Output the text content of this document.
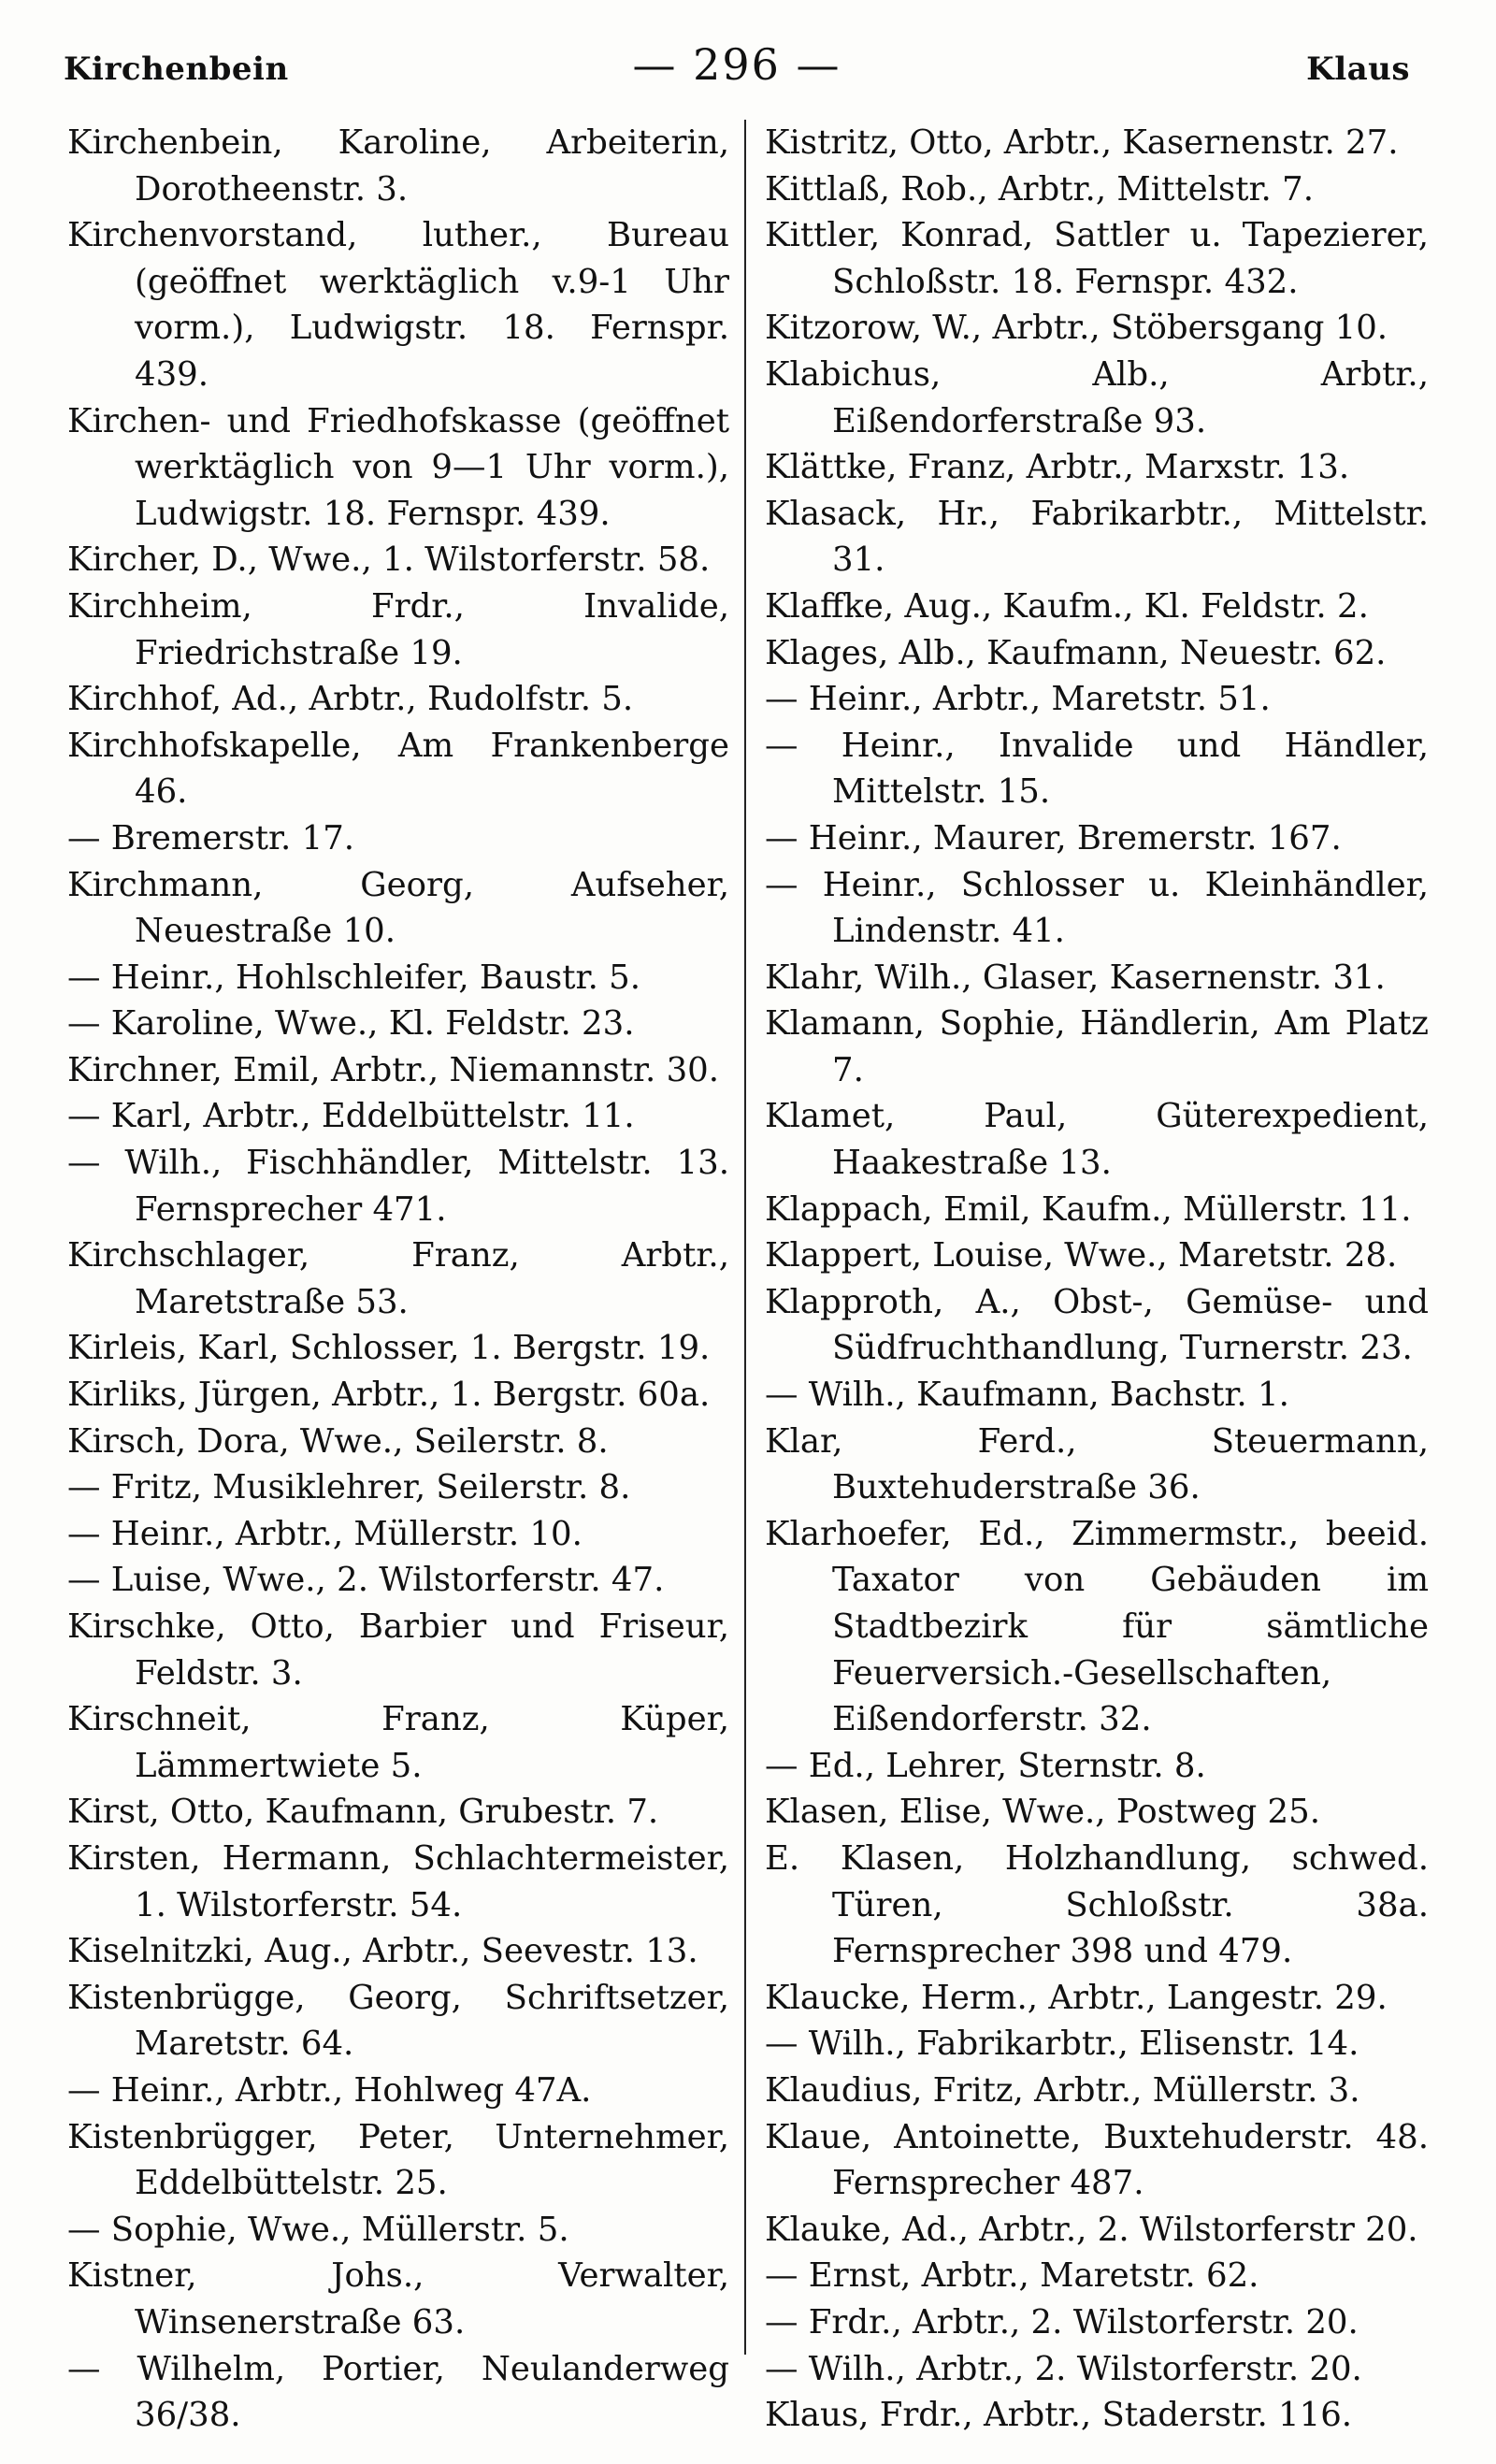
Kirchenbein	— 296 —	Klaus

Kirchenbein, Karoline, Arbeiterin, Dorotheenstr. 3.

Kirchenvorstand, luther., Bureau (geöffnet werktäglich v.9-1 Uhr vorm.), Ludwigstr. 18. Fernspr. 439.

Kirchen- und Friedhofskasse (geöffnet werktäglich von 9—1 Uhr vorm.), Ludwigstr. 18. Fernspr. 439.

Kircher, D., Wwe., 1. Wilstorferstr. 58.

Kirchheim, Frdr., Invalide, Friedrichstraße 19.

Kirchhof, Ad., Arbtr., Rudolfstr. 5.

Kirchhofskapelle, Am Frankenberge 46.

— Bremerstr. 17.

Kirchmann, Georg, Aufseher, Neuestraße 10.

— Heinr., Hohlschleifer, Baustr. 5.

— Karoline, Wwe., Kl. Feldstr. 23.

Kirchner, Emil, Arbtr., Niemannstr. 30.

— Karl, Arbtr., Eddelbüttelstr. 11.

— Wilh., Fischhändler, Mittelstr. 13. Fernsprecher 471.

Kirchschlager, Franz, Arbtr., Maretstraße 53.

Kirleis, Karl, Schlosser, 1. Bergstr. 19.

Kirliks, Jürgen, Arbtr., 1. Bergstr. 60a.

Kirsch, Dora, Wwe., Seilerstr. 8.

— Fritz, Musiklehrer, Seilerstr. 8.

— Heinr., Arbtr., Müllerstr. 10.

— Luise, Wwe., 2. Wilstorferstr. 47.

Kirschke, Otto, Barbier und Friseur, Feldstr. 3.

Kirschneit, Franz, Küper, Lämmertwiete 5.

Kirst, Otto, Kaufmann, Grubestr. 7.

Kirsten, Hermann, Schlachtermeister, 1. Wilstorferstr. 54.

Kiselnitzki, Aug., Arbtr., Seevestr. 13.

Kistenbrügge, Georg, Schriftsetzer, Maretstr. 64.

— Heinr., Arbtr., Hohlweg 47A.

Kistenbrügger, Peter, Unternehmer, Eddelbüttelstr. 25.

— Sophie, Wwe., Müllerstr. 5.

Kistner, Johs., Verwalter, Winsenerstraße 63.

— Wilhelm, Portier, Neulanderweg 36/38.

Kistritz, Otto, Arbtr., Kasernenstr. 27.

Kittlaß, Rob., Arbtr., Mittelstr. 7.

Kittler, Konrad, Sattler u. Tapezierer, Schloßstr. 18. Fernspr. 432.

Kitzorow, W., Arbtr., Stöbersgang 10.

Klabichus, Alb., Arbtr., Eißendorferstraße 93.

Klättke, Franz, Arbtr., Marxstr. 13.

Klasack, Hr., Fabrikarbtr., Mittelstr. 31.

Klaffke, Aug., Kaufm., Kl. Feldstr. 2.

Klages, Alb., Kaufmann, Neuestr. 62.

— Heinr., Arbtr., Maretstr. 51.

— Heinr., Invalide und Händler, Mittelstr. 15.

— Heinr., Maurer, Bremerstr. 167.

— Heinr., Schlosser u. Kleinhändler, Lindenstr. 41.

Klahr, Wilh., Glaser, Kasernenstr. 31.

Klamann, Sophie, Händlerin, Am Platz 7.

Klamet, Paul, Güterexpedient, Haakestraße 13.

Klappach, Emil, Kaufm., Müllerstr. 11.

Klappert, Louise, Wwe., Maretstr. 28.

Klapproth, A., Obst-, Gemüse- und Südfruchthandlung, Turnerstr. 23.

— Wilh., Kaufmann, Bachstr. 1.

Klar, Ferd., Steuermann, Buxtehuderstraße 36.

Klarhoefer, Ed., Zimmermstr., beeid. Taxator von Gebäuden im Stadtbezirk für sämtliche Feuerversich.-Gesellschaften, Eißendorferstr. 32.

— Ed., Lehrer, Sternstr. 8.

Klasen, Elise, Wwe., Postweg 25.

E. Klasen, Holzhandlung, schwed. Türen, Schloßstr. 38a. Fernsprecher 398 und 479.

Klaucke, Herm., Arbtr., Langestr. 29.

— Wilh., Fabrikarbtr., Elisenstr. 14.

Klaudius, Fritz, Arbtr., Müllerstr. 3.

Klaue, Antoinette, Buxtehuderstr. 48. Fernsprecher 487.

Klauke, Ad., Arbtr., 2. Wilstorferstr 20.

— Ernst, Arbtr., Maretstr. 62.

— Frdr., Arbtr., 2. Wilstorferstr. 20.

— Wilh., Arbtr., 2. Wilstorferstr. 20.

Klaus, Frdr., Arbtr., Staderstr. 116.
